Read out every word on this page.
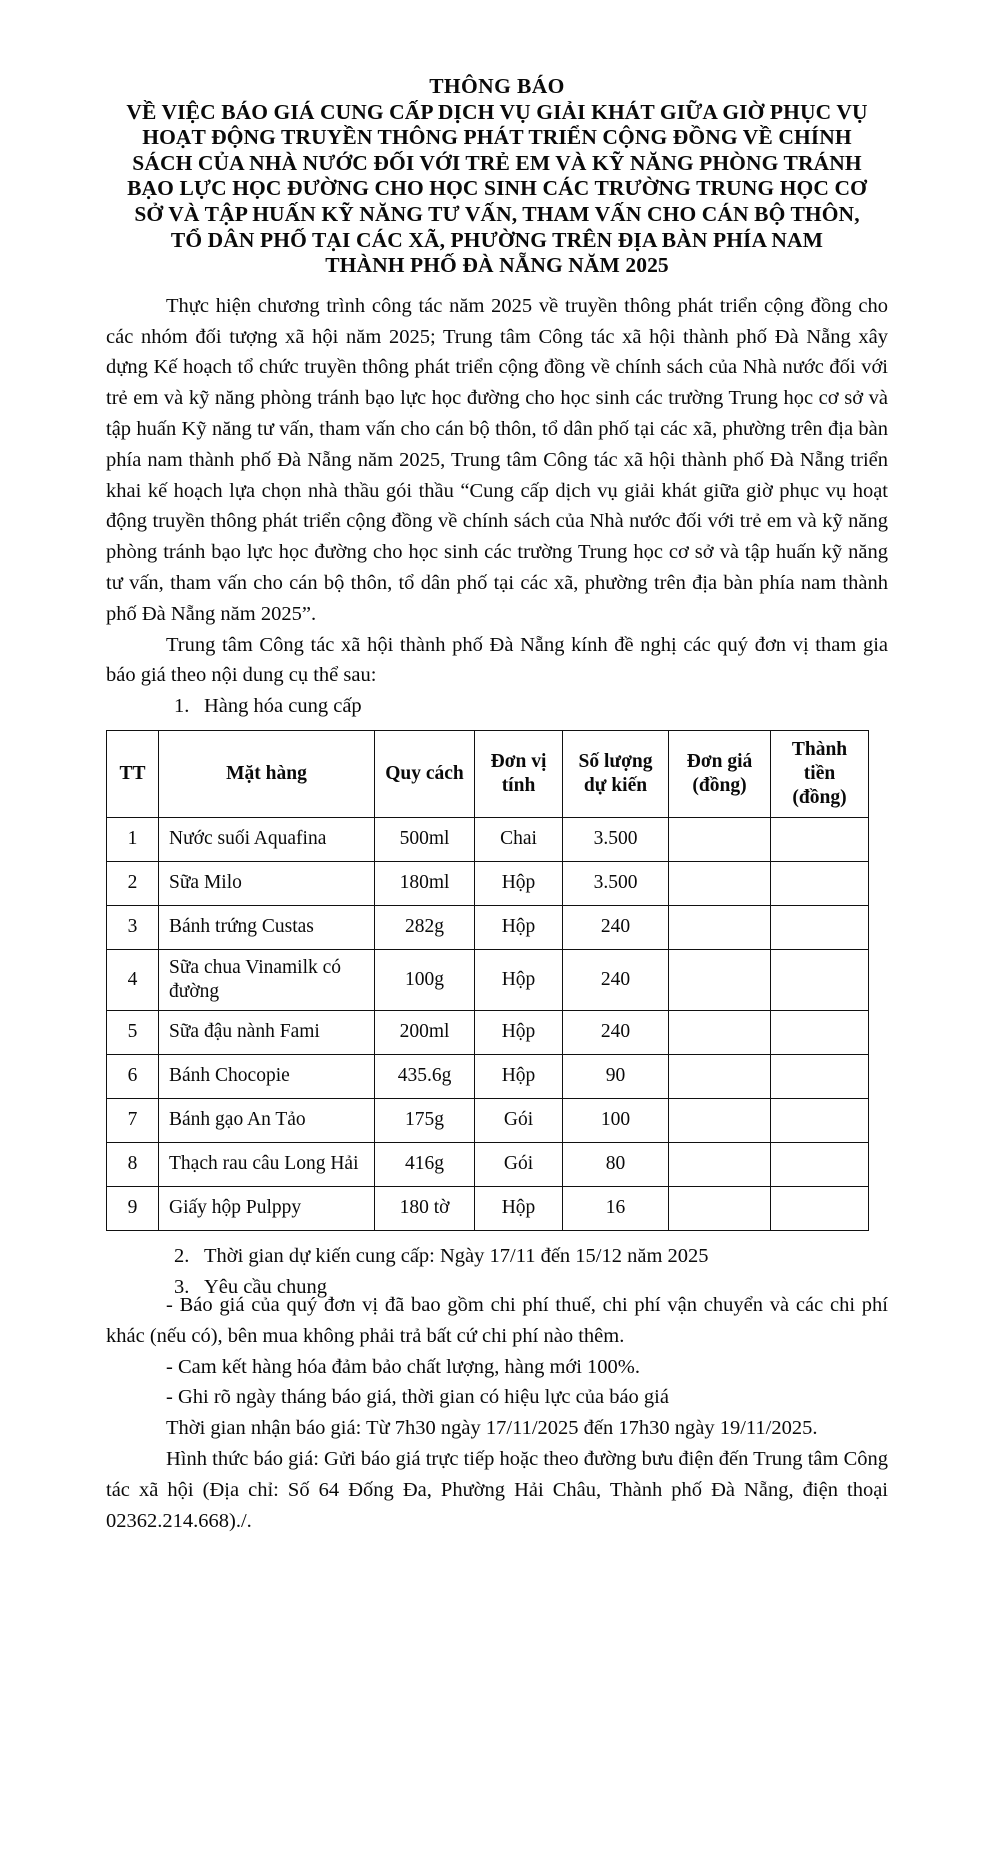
THÔNG BÁO
VỀ VIỆC BÁO GIÁ CUNG CẤP DỊCH VỤ GIẢI KHÁT GIỮA GIỜ PHỤC VỤ
HOẠT ĐỘNG TRUYỀN THÔNG PHÁT TRIỂN CỘNG ĐỒNG VỀ CHÍNH
SÁCH CỦA NHÀ NƯỚC ĐỐI VỚI TRẺ EM VÀ KỸ NĂNG PHÒNG TRÁNH
BẠO LỰC HỌC ĐƯỜNG CHO HỌC SINH CÁC TRƯỜNG TRUNG HỌC CƠ
SỞ VÀ TẬP HUẤN KỸ NĂNG TƯ VẤN, THAM VẤN CHO CÁN BỘ THÔN,
TỔ DÂN PHỐ TẠI CÁC XÃ, PHƯỜNG TRÊN ĐỊA BÀN PHÍA NAM
THÀNH PHỐ ĐÀ NẴNG NĂM 2025

Thực hiện chương trình công tác năm 2025 về truyền thông phát triển cộng đồng cho các nhóm đối tượng xã hội năm 2025; Trung tâm Công tác xã hội thành phố Đà Nẵng xây dựng Kế hoạch tổ chức truyền thông phát triển cộng đồng về chính sách của Nhà nước đối với trẻ em và kỹ năng phòng tránh bạo lực học đường cho học sinh các trường Trung học cơ sở và tập huấn Kỹ năng tư vấn, tham vấn cho cán bộ thôn, tổ dân phố tại các xã, phường trên địa bàn phía nam thành phố Đà Nẵng năm 2025, Trung tâm Công tác xã hội thành phố Đà Nẵng triển khai kế hoạch lựa chọn nhà thầu gói thầu “Cung cấp dịch vụ giải khát giữa giờ phục vụ hoạt động truyền thông phát triển cộng đồng về chính sách của Nhà nước đối với trẻ em và kỹ năng phòng tránh bạo lực học đường cho học sinh các trường Trung học cơ sở và tập huấn kỹ năng tư vấn, tham vấn cho cán bộ thôn, tổ dân phố tại các xã, phường trên địa bàn phía nam thành phố Đà Nẵng năm 2025”.

Trung tâm Công tác xã hội thành phố Đà Nẵng kính đề nghị các quý đơn vị tham gia báo giá theo nội dung cụ thể sau:

1. Hàng hóa cung cấp

TT	Mặt hàng	Quy cách	Đơn vị tính	Số lượng dự kiến	Đơn giá (đồng)	Thành tiền (đồng)
1	Nước suối Aquafina	500ml	Chai	3.500		
2	Sữa Milo	180ml	Hộp	3.500		
3	Bánh trứng Custas	282g	Hộp	240		
4	Sữa chua Vinamilk có đường	100g	Hộp	240		
5	Sữa đậu nành Fami	200ml	Hộp	240		
6	Bánh Chocopie	435.6g	Hộp	90		
7	Bánh gạo An Tảo	175g	Gói	100		
8	Thạch rau câu Long Hải	416g	Gói	80		
9	Giấy hộp Pulppy	180 tờ	Hộp	16		

2. Thời gian dự kiến cung cấp: Ngày 17/11 đến 15/12 năm 2025

3. Yêu cầu chung

- Báo giá của quý đơn vị đã bao gồm chi phí thuế, chi phí vận chuyển và các chi phí khác (nếu có), bên mua không phải trả bất cứ chi phí nào thêm.

- Cam kết hàng hóa đảm bảo chất lượng, hàng mới 100%.

- Ghi rõ ngày tháng báo giá, thời gian có hiệu lực của báo giá

Thời gian nhận báo giá: Từ 7h30 ngày 17/11/2025 đến 17h30 ngày 19/11/2025.

Hình thức báo giá: Gửi báo giá trực tiếp hoặc theo đường bưu điện đến Trung tâm Công tác xã hội (Địa chỉ: Số 64 Đống Đa, Phường Hải Châu, Thành phố Đà Nẵng, điện thoại 02362.214.668)./.
